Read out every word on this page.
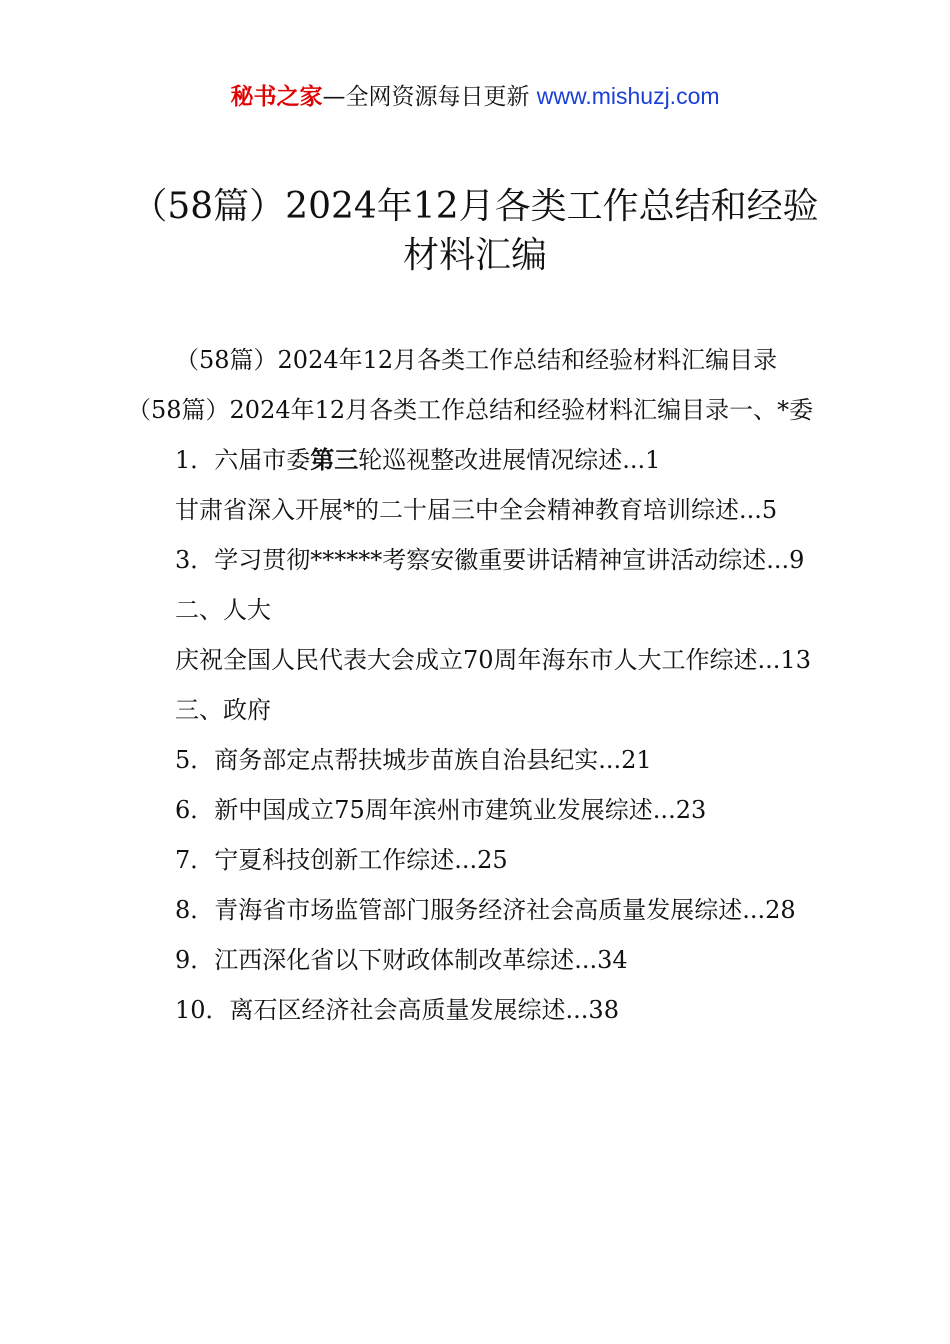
秘书之家—全网资源每日更新 www.mishuzj.com
（58篇）2024年12月各类工作总结和经验
材料汇编

（58篇）2024年12月各类工作总结和经验材料汇编目录

（58篇）2024年12月各类工作总结和经验材料汇编目录一、*委

1．六届市委第三轮巡视整改进展情况综述...1

甘肃省深入开展*的二十届三中全会精神教育培训综述...5

3．学习贯彻******考察安徽重要讲话精神宣讲活动综述...9

二、人大

庆祝全国人民代表大会成立70周年海东市人大工作综述...13

三、政府

5．商务部定点帮扶城步苗族自治县纪实...21

6．新中国成立75周年滨州市建筑业发展综述...23

7．宁夏科技创新工作综述...25

8．青海省市场监管部门服务经济社会高质量发展综述...28

9．江西深化省以下财政体制改革综述...34

10．离石区经济社会高质量发展综述...38
